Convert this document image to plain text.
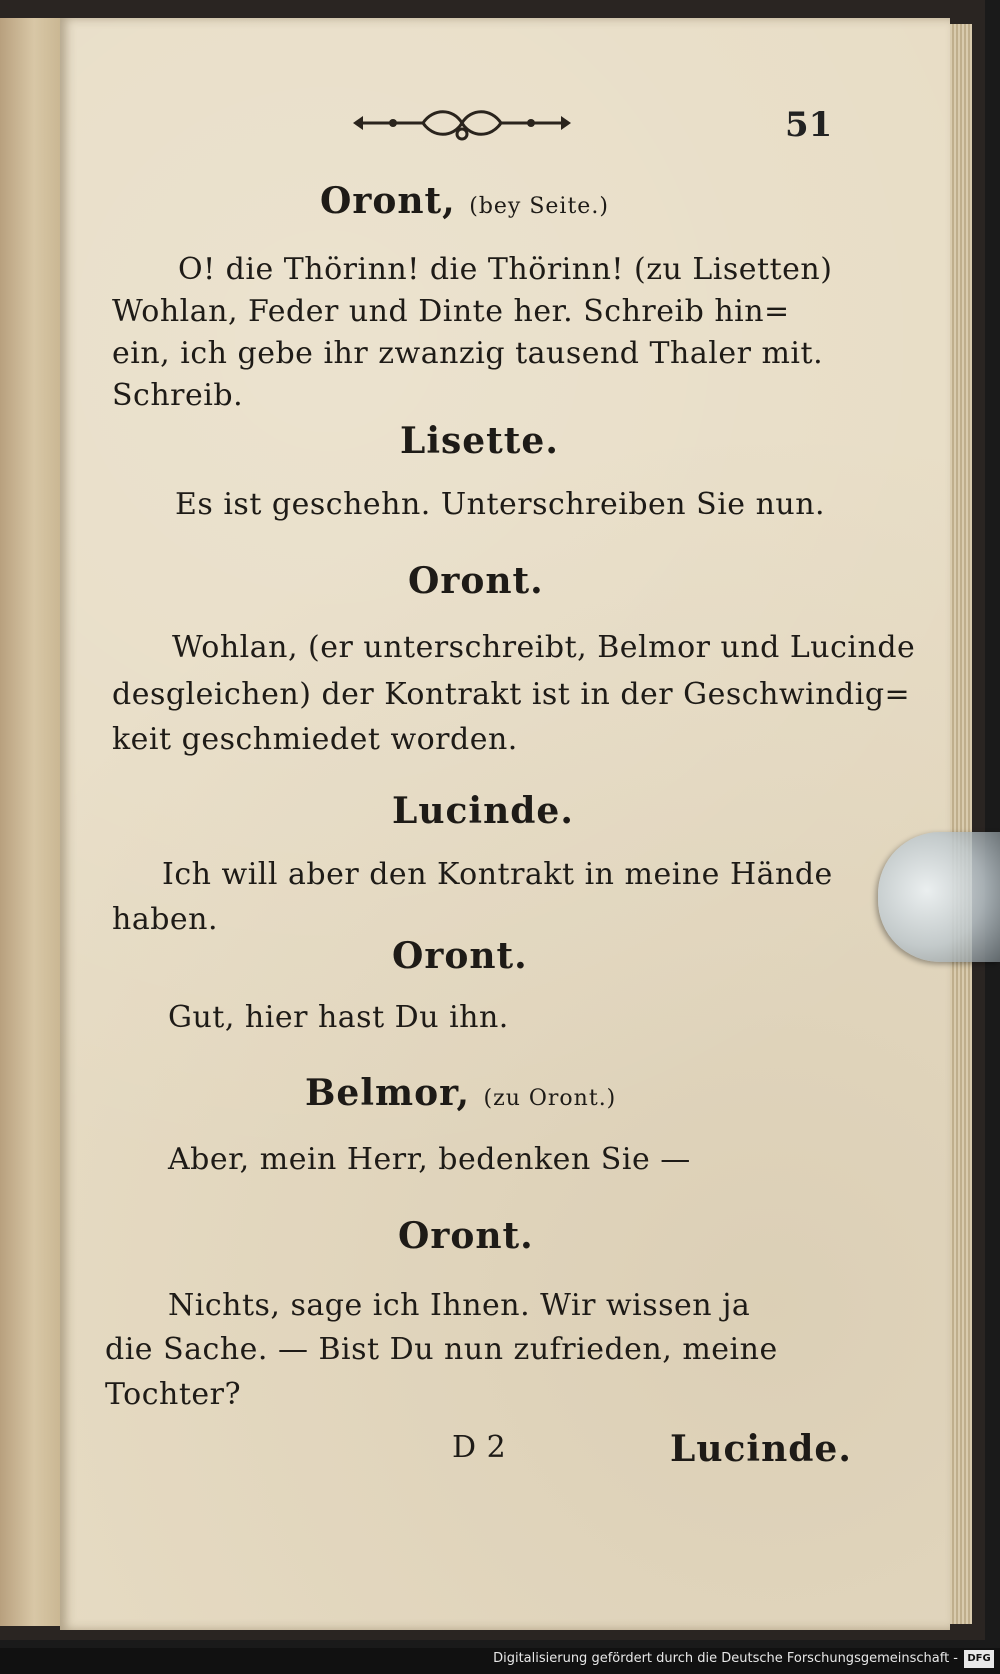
51
Oront, (bey Seite.)
O! die Thörinn! die Thörinn! (zu Lisetten)
Wohlan, Feder und Dinte her. Schreib hin=
ein, ich gebe ihr zwanzig tausend Thaler mit.
Schreib.
Lisette.
Es ist geschehn. Unterschreiben Sie nun.
Oront.
Wohlan, (er unterschreibt, Belmor und Lucinde
desgleichen) der Kontrakt ist in der Geschwindig=
keit geschmiedet worden.
Lucinde.
Ich will aber den Kontrakt in meine Hände
haben.
Oront.
Gut, hier hast Du ihn.
Belmor, (zu Oront.)
Aber, mein Herr, bedenken Sie —
Oront.
Nichts, sage ich Ihnen. Wir wissen ja
die Sache. — Bist Du nun zufrieden, meine
Tochter?
D 2	Lucinde.
Digitalisierung gefördert durch die Deutsche Forschungsgemeinschaft - DFG
